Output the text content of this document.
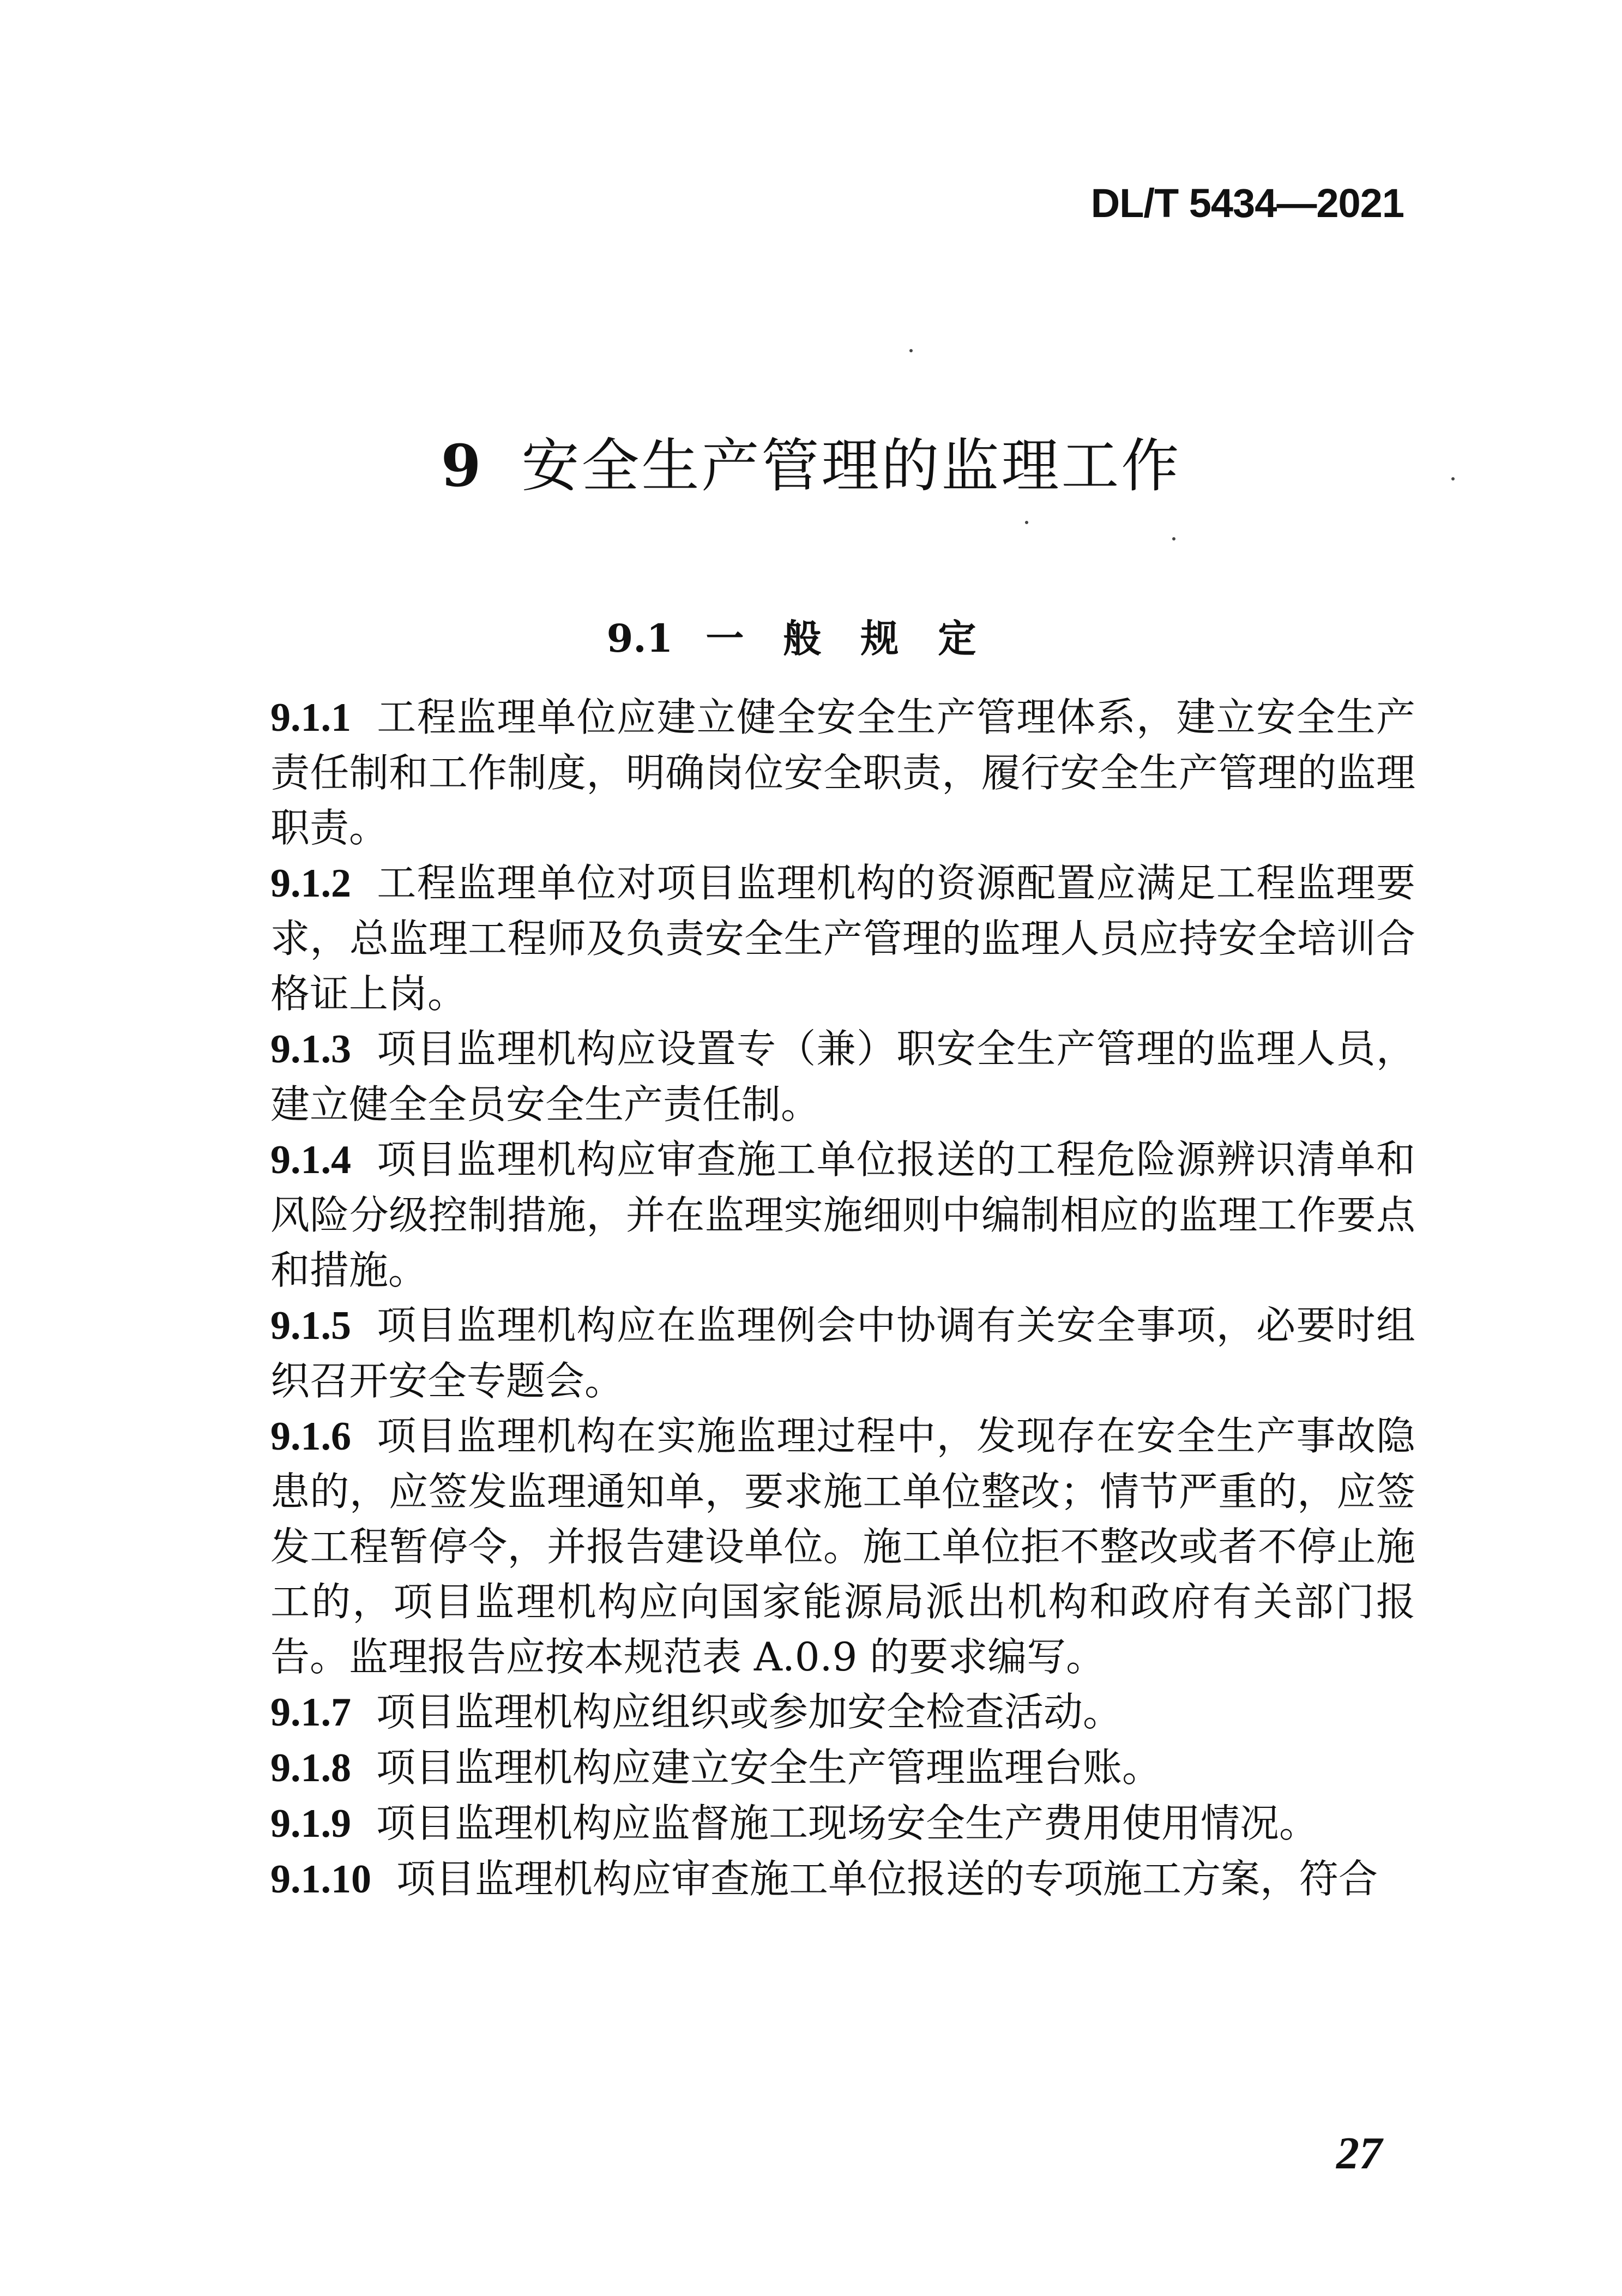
DL/T 5434—2021
9 安全生产管理的监理工作
9.1 一般规定
9.1.1 工程监理单位应建立健全安全生产管理体系，建立安全生产责任制和工作制度，明确岗位安全职责，履行安全生产管理的监理职责。
9.1.2 工程监理单位对项目监理机构的资源配置应满足工程监理要求，总监理工程师及负责安全生产管理的监理人员应持安全培训合格证上岗。
9.1.3 项目监理机构应设置专（兼）职安全生产管理的监理人员，建立健全全员安全生产责任制。
9.1.4 项目监理机构应审查施工单位报送的工程危险源辨识清单和风险分级控制措施，并在监理实施细则中编制相应的监理工作要点和措施。
9.1.5 项目监理机构应在监理例会中协调有关安全事项，必要时组织召开安全专题会。
9.1.6 项目监理机构在实施监理过程中，发现存在安全生产事故隐患的，应签发监理通知单，要求施工单位整改；情节严重的，应签发工程暂停令，并报告建设单位。施工单位拒不整改或者不停止施工的，项目监理机构应向国家能源局派出机构和政府有关部门报告。监理报告应按本规范表 A.0.9 的要求编写。
9.1.7 项目监理机构应组织或参加安全检查活动。
9.1.8 项目监理机构应建立安全生产管理监理台账。
9.1.9 项目监理机构应监督施工现场安全生产费用使用情况。
9.1.10 项目监理机构应审查施工单位报送的专项施工方案，符合
27
